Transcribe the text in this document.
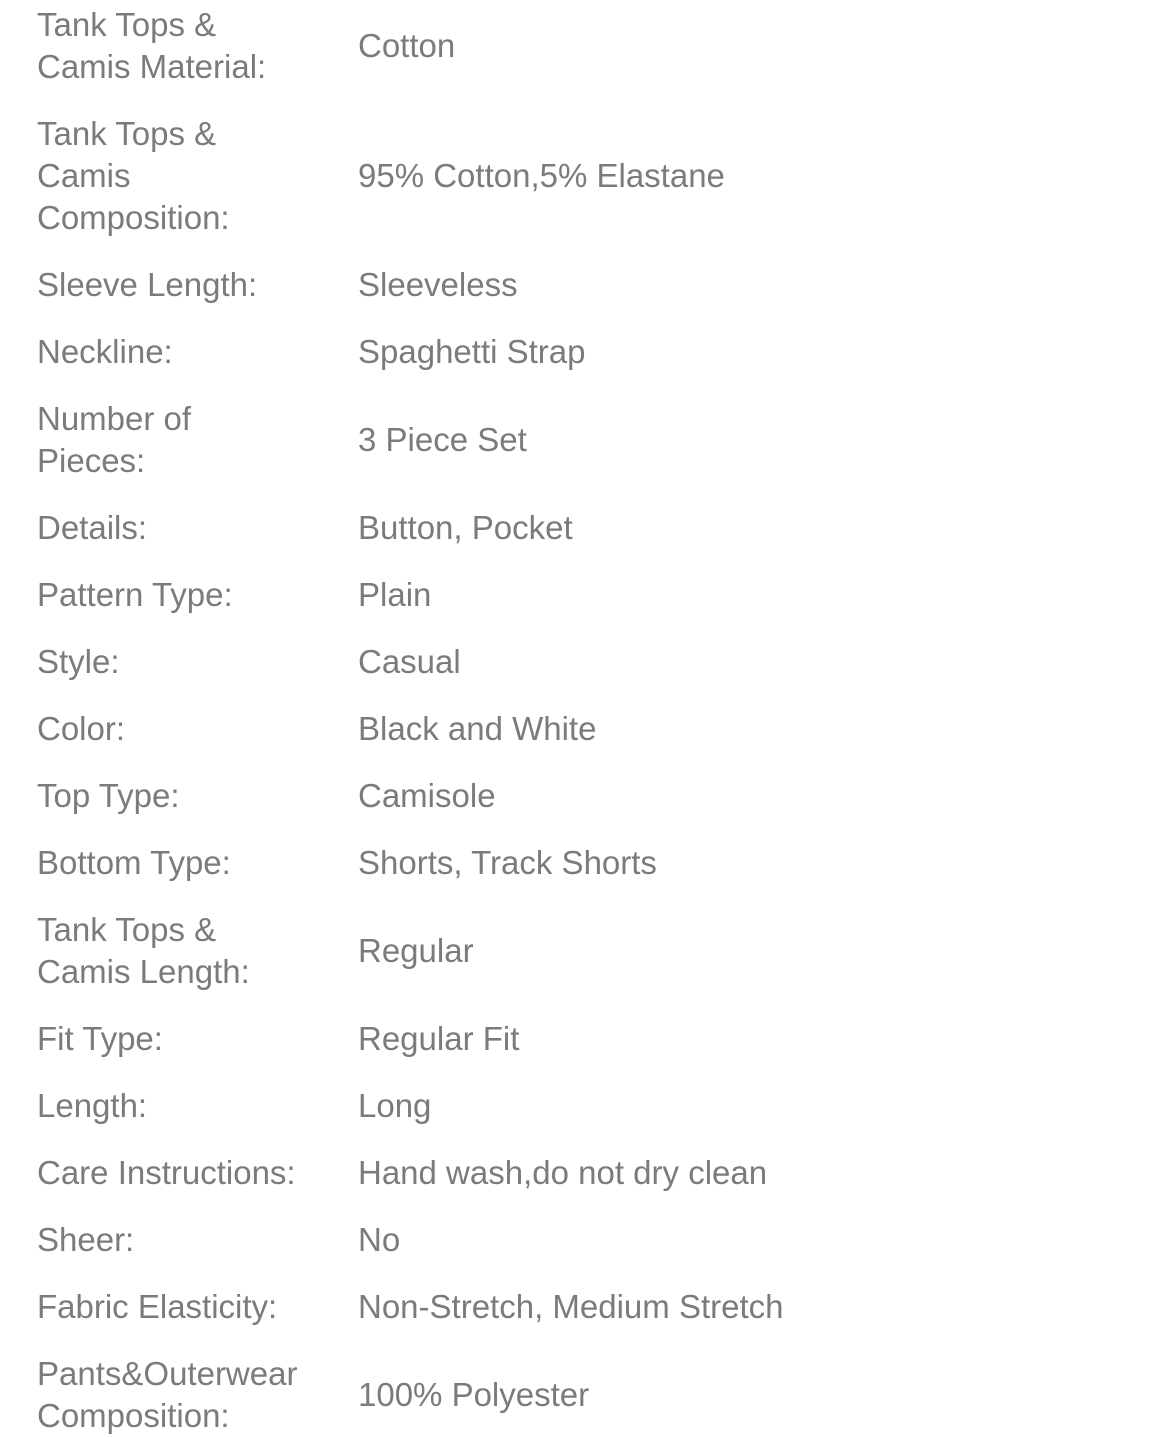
Tank Tops & Camis Material:
Cotton
Tank Tops & Camis Composition:
95% Cotton,5% Elastane
Sleeve Length:	Sleeveless
Neckline:	Spaghetti Strap
Number of Pieces:
3 Piece Set
Details:	Button, Pocket
Pattern Type:	Plain
Style:	Casual
Color:	Black and White
Top Type:	Camisole
Bottom Type:	Shorts, Track Shorts
Tank Tops & Camis Length:
Regular
Fit Type:	Regular Fit
Length:	Long
Care Instructions: Hand wash,do not dry clean
Sheer:	No
Fabric Elasticity:	Non-Stretch, Medium Stretch
Pants&Outerwear Composition:
100% Polyester
